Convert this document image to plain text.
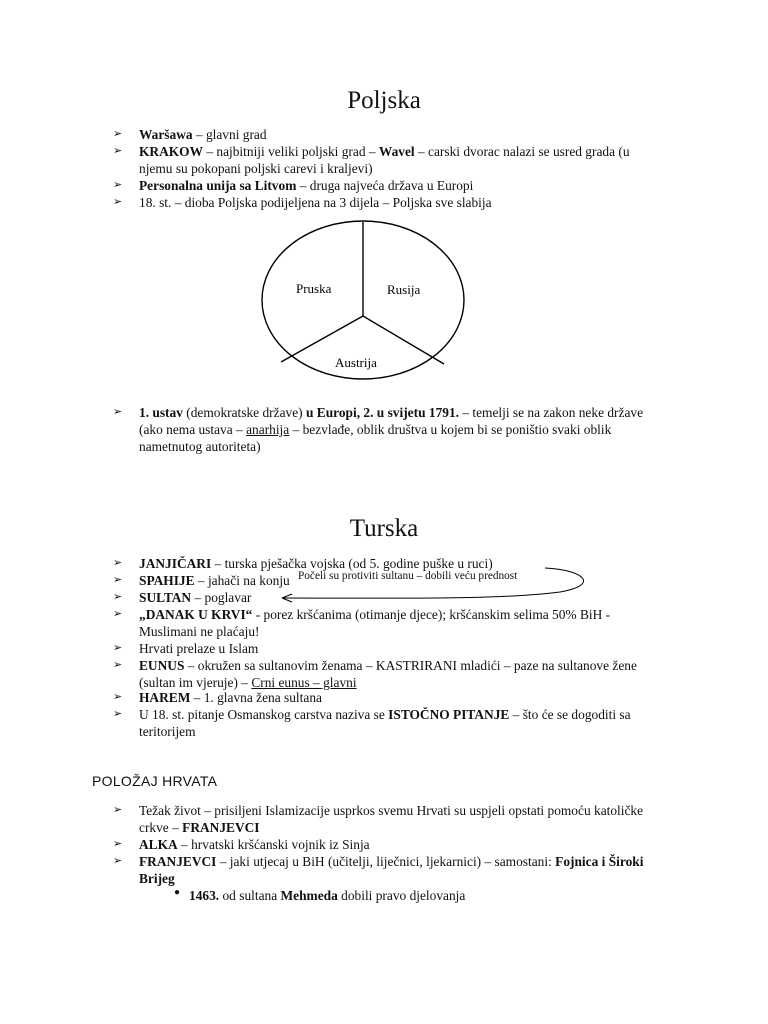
Poljska
➢ Waršawa – glavni grad
➢ KRAKOW – najbitniji veliki poljski grad – Wavel – carski dvorac nalazi se usred grada (u
njemu su pokopani poljski carevi i kraljevi)
➢ Personalna unija sa Litvom – druga najveća država u Europi
➢ 18. st. – dioba Poljska podijeljena na 3 dijela – Poljska sve slabija
Pruska	Rusija
Austrija
➢ 1. ustav (demokratske države) u Europi, 2. u svijetu 1791. – temelji se na zakon neke države
(ako nema ustava – anarhija – bezvlađe, oblik društva u kojem bi se poništio svaki oblik
nametnutog autoriteta)
Turska
➢ JANJIČARI – turska pješačka vojska (od 5. godine puške u ruci)
➢ SPAHIJE – jahači na konju Počeli su protiviti sultanu – dobili veću prednost
➢ SULTAN – poglavar
➢ „DANAK U KRVI“ - porez kršćanima (otimanje djece); kršćanskim selima 50% BiH -
Muslimani ne plaćaju!
➢ Hrvati prelaze u Islam
➢ EUNUS – okružen sa sultanovim ženama – KASTRIRANI mladići – paze na sultanove žene
(sultan im vjeruje) – Crni eunus – glavni
➢ HAREM – 1. glavna žena sultana
➢ U 18. st. pitanje Osmanskog carstva naziva se ISTOČNO PITANJE – što će se dogoditi sa
teritorijem
POLOŽAJ HRVATA
➢ Težak život – prisiljeni Islamizacije usprkos svemu Hrvati su uspjeli opstati pomoću katoličke
crkve – FRANJEVCI
➢ ALKA – hrvatski kršćanski vojnik iz Sinja
➢ FRANJEVCI – jaki utjecaj u BiH (učitelji, liječnici, ljekarnici) – samostani: Fojnica i Široki
Brijeg
● 1463. od sultana Mehmeda dobili pravo djelovanja
